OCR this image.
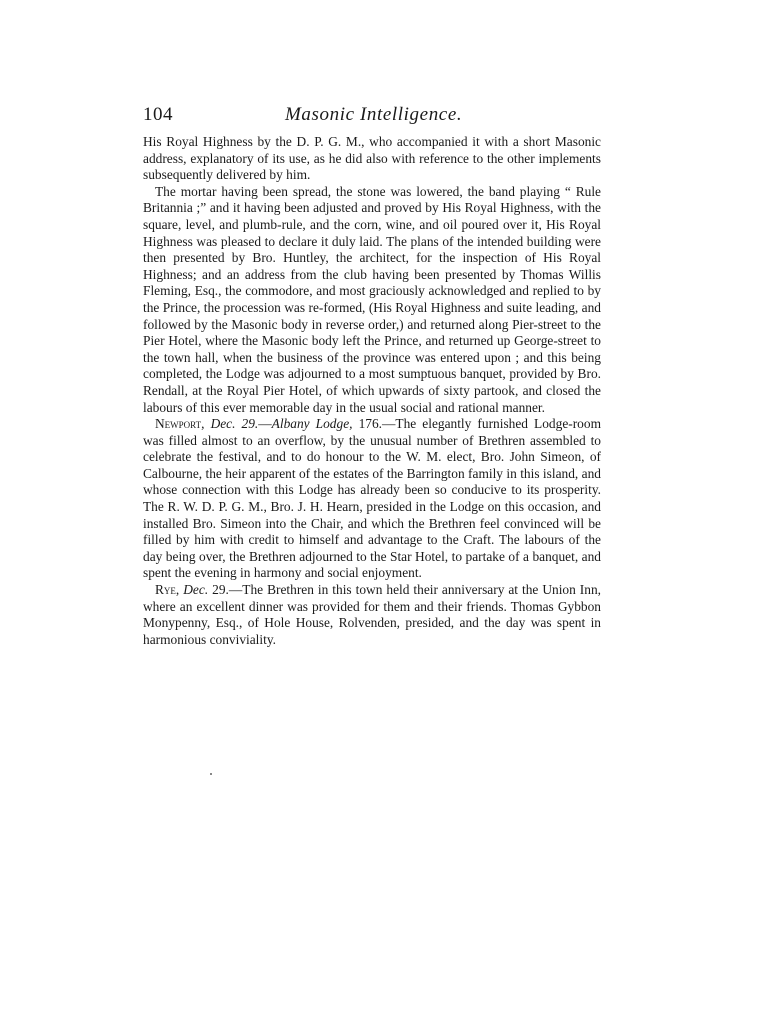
104	Masonic Intelligence.

His Royal Highness by the D. P. G. M., who accompanied it with a short Masonic address, explanatory of its use, as he did also with reference to the other implements subsequently delivered by him.

The mortar having been spread, the stone was lowered, the band playing “ Rule Britannia ;” and it having been adjusted and proved by His Royal Highness, with the square, level, and plumb-rule, and the corn, wine, and oil poured over it, His Royal Highness was pleased to declare it duly laid. The plans of the intended building were then presented by Bro. Huntley, the architect, for the inspection of His Royal Highness; and an address from the club having been presented by Thomas Willis Fleming, Esq., the commodore, and most graciously acknowledged and replied to by the Prince, the procession was re-formed, (His Royal Highness and suite leading, and followed by the Masonic body in reverse order,) and returned along Pier-street to the Pier Hotel, where the Masonic body left the Prince, and returned up George-street to the town hall, when the business of the province was entered upon ; and this being completed, the Lodge was adjourned to a most sumptuous banquet, provided by Bro. Rendall, at the Royal Pier Hotel, of which upwards of sixty partook, and closed the labours of this ever memorable day in the usual social and rational manner.

Newport, Dec. 29.—Albany Lodge, 176.—The elegantly furnished Lodge-room was filled almost to an overflow, by the unusual number of Brethren assembled to celebrate the festival, and to do honour to the W. M. elect, Bro. John Simeon, of Calbourne, the heir apparent of the estates of the Barrington family in this island, and whose connection with this Lodge has already been so conducive to its prosperity. The R. W. D. P. G. M., Bro. J. H. Hearn, presided in the Lodge on this occasion, and installed Bro. Simeon into the Chair, and which the Brethren feel convinced will be filled by him with credit to himself and advantage to the Craft. The labours of the day being over, the Brethren adjourned to the Star Hotel, to partake of a banquet, and spent the evening in harmony and social enjoyment.

Rye, Dec. 29.—The Brethren in this town held their anniversary at the Union Inn, where an excellent dinner was provided for them and their friends. Thomas Gybbon Monypenny, Esq., of Hole House, Rolvenden, presided, and the day was spent in harmonious conviviality.
